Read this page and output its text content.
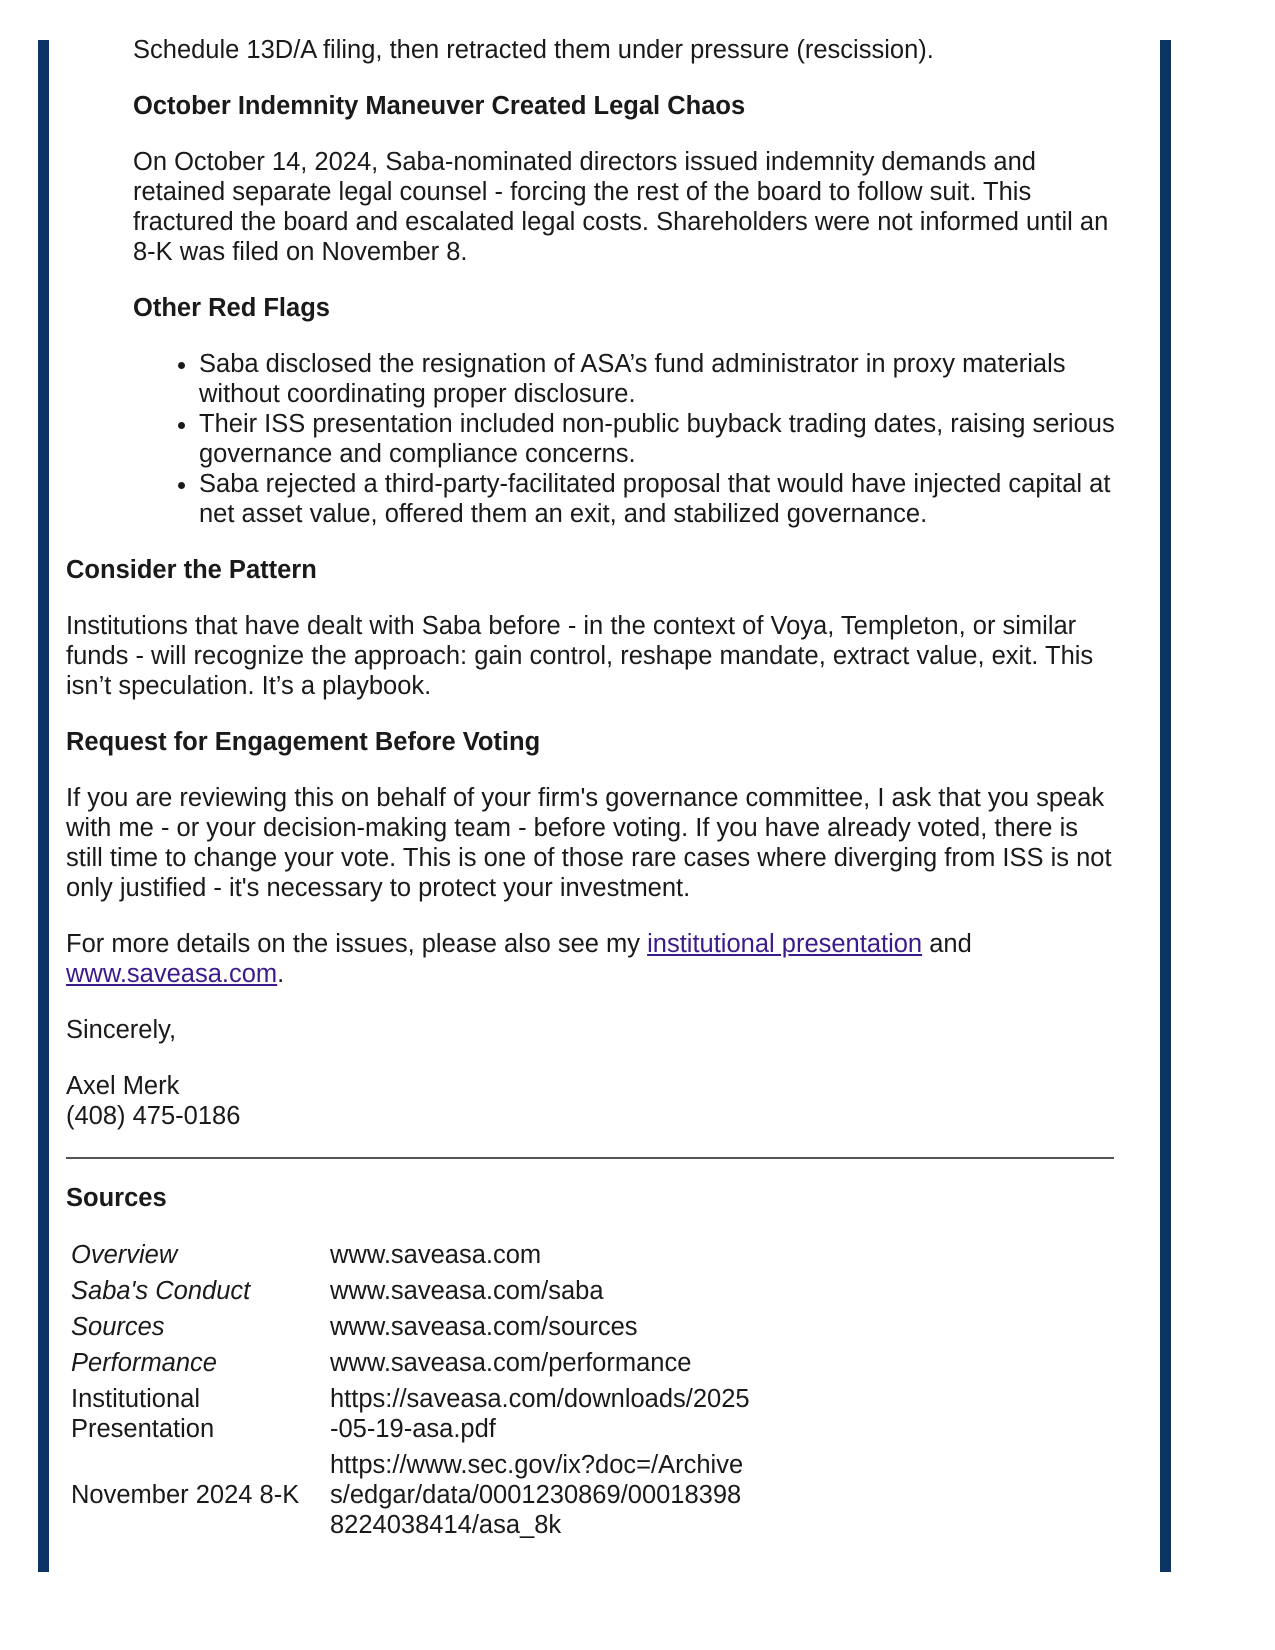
Schedule 13D/A filing, then retracted them under pressure (rescission).

October Indemnity Maneuver Created Legal Chaos

On October 14, 2024, Saba-nominated directors issued indemnity demands and retained separate legal counsel - forcing the rest of the board to follow suit. This fractured the board and escalated legal costs. Shareholders were not informed until an 8-K was filed on November 8.

Other Red Flags

• Saba disclosed the resignation of ASA’s fund administrator in proxy materials without coordinating proper disclosure.
• Their ISS presentation included non-public buyback trading dates, raising serious governance and compliance concerns.
• Saba rejected a third-party-facilitated proposal that would have injected capital at net asset value, offered them an exit, and stabilized governance.

Consider the Pattern

Institutions that have dealt with Saba before - in the context of Voya, Templeton, or similar funds - will recognize the approach: gain control, reshape mandate, extract value, exit. This isn’t speculation. It’s a playbook.

Request for Engagement Before Voting

If you are reviewing this on behalf of your firm's governance committee, I ask that you speak with me - or your decision-making team - before voting. If you have already voted, there is still time to change your vote. This is one of those rare cases where diverging from ISS is not only justified - it's necessary to protect your investment.

For more details on the issues, please also see my institutional presentation and www.saveasa.com.

Sincerely,

Axel Merk

(408) 475-0186

Sources

Overview	www.saveasa.com
Saba's Conduct	www.saveasa.com/saba
Sources	www.saveasa.com/sources
Performance	www.saveasa.com/performance
Institutional Presentation	https://saveasa.com/downloads/2025-05-19-asa.pdf
November 2024 8-K	https://www.sec.gov/ix?doc=/Archives/edgar/data/0001230869/000183988224038414/asa_8k
